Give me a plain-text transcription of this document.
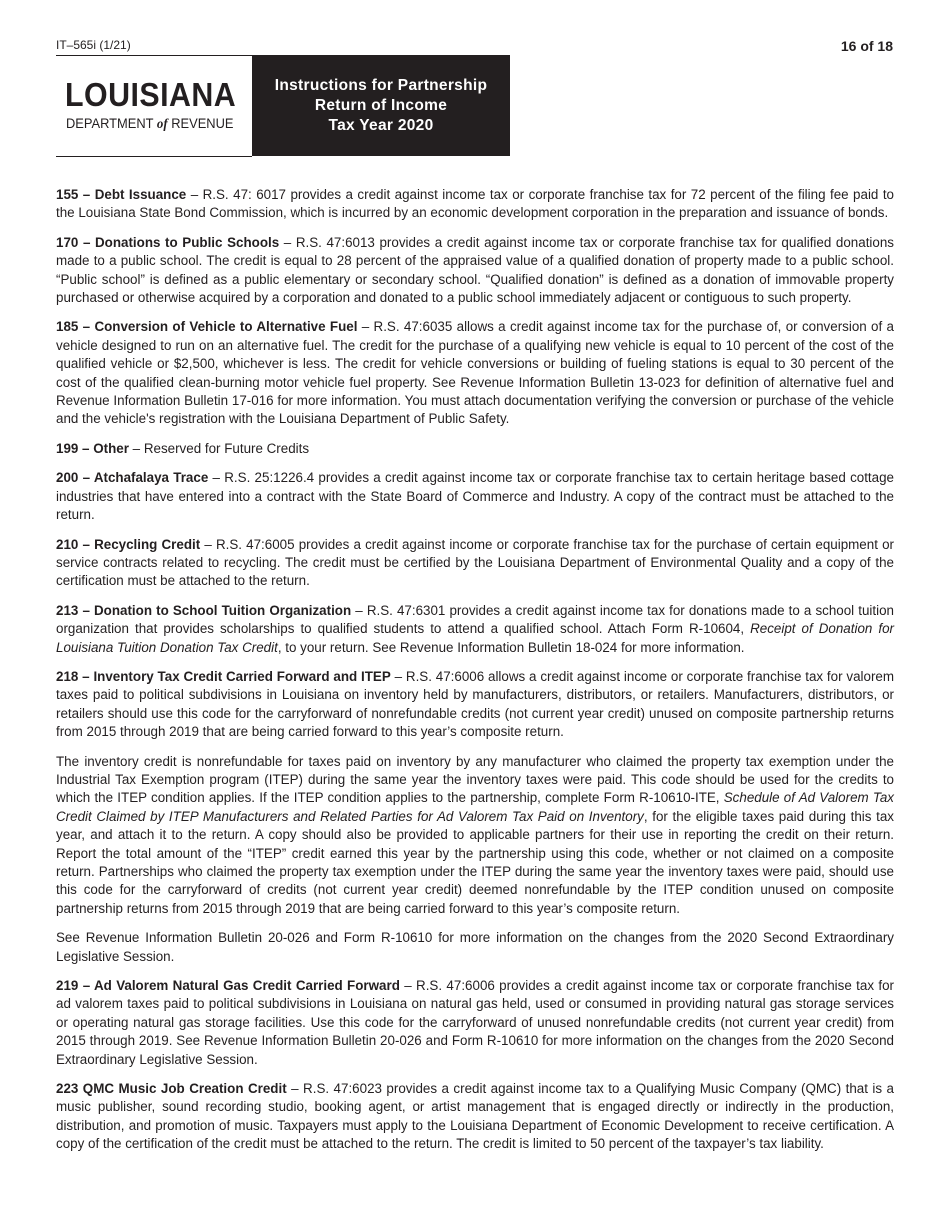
IT–565i (1/21)	16 of 18
LOUISIANA
DEPARTMENT of REVENUE
Instructions for Partnership
Return of Income
Tax Year 2020

155 – Debt Issuance – R.S. 47: 6017 provides a credit against income tax or corporate franchise tax for 72 percent of the filing fee paid to the Louisiana State Bond Commission, which is incurred by an economic development corporation in the preparation and issuance of bonds.

170 – Donations to Public Schools – R.S. 47:6013 provides a credit against income tax or corporate franchise tax for qualified donations made to a public school. The credit is equal to 28 percent of the appraised value of a qualified donation of property made to a public school. “Public school” is defined as a public elementary or secondary school. “Qualified donation” is defined as a donation of immovable property purchased or otherwise acquired by a corporation and donated to a public school immediately adjacent or contiguous to such property.

185 – Conversion of Vehicle to Alternative Fuel – R.S. 47:6035 allows a credit against income tax for the purchase of, or conversion of a vehicle designed to run on an alternative fuel. The credit for the purchase of a qualifying new vehicle is equal to 10 percent of the cost of the qualified vehicle or $2,500, whichever is less. The credit for vehicle conversions or building of fueling stations is equal to 30 percent of the cost of the qualified clean-burning motor vehicle fuel property. See Revenue Information Bulletin 13-023 for definition of alternative fuel and Revenue Information Bulletin 17-016 for more information. You must attach documentation verifying the conversion or purchase of the vehicle and the vehicle's registration with the Louisiana Department of Public Safety.

199 – Other – Reserved for Future Credits

200 – Atchafalaya Trace – R.S. 25:1226.4 provides a credit against income tax or corporate franchise tax to certain heritage based cottage industries that have entered into a contract with the State Board of Commerce and Industry. A copy of the contract must be attached to the return.

210 – Recycling Credit – R.S. 47:6005 provides a credit against income or corporate franchise tax for the purchase of certain equipment or service contracts related to recycling. The credit must be certified by the Louisiana Department of Environmental Quality and a copy of the certification must be attached to the return.

213 – Donation to School Tuition Organization – R.S. 47:6301 provides a credit against income tax for donations made to a school tuition organization that provides scholarships to qualified students to attend a qualified school. Attach Form R-10604, Receipt of Donation for Louisiana Tuition Donation Tax Credit, to your return. See Revenue Information Bulletin 18-024 for more information.

218 – Inventory Tax Credit Carried Forward and ITEP – R.S. 47:6006 allows a credit against income or corporate franchise tax for valorem taxes paid to political subdivisions in Louisiana on inventory held by manufacturers, distributors, or retailers. Manufacturers, distributors, or retailers should use this code for the carryforward of nonrefundable credits (not current year credit) unused on composite partnership returns from 2015 through 2019 that are being carried forward to this year’s composite return.

The inventory credit is nonrefundable for taxes paid on inventory by any manufacturer who claimed the property tax exemption under the Industrial Tax Exemption program (ITEP) during the same year the inventory taxes were paid. This code should be used for the credits to which the ITEP condition applies. If the ITEP condition applies to the partnership, complete Form R-10610-ITE, Schedule of Ad Valorem Tax Credit Claimed by ITEP Manufacturers and Related Parties for Ad Valorem Tax Paid on Inventory, for the eligible taxes paid during this tax year, and attach it to the return. A copy should also be provided to applicable partners for their use in reporting the credit on their return. Report the total amount of the “ITEP” credit earned this year by the partnership using this code, whether or not claimed on a composite return. Partnerships who claimed the property tax exemption under the ITEP during the same year the inventory taxes were paid, should use this code for the carryforward of credits (not current year credit) deemed nonrefundable by the ITEP condition unused on composite partnership returns from 2015 through 2019 that are being carried forward to this year’s composite return.

See Revenue Information Bulletin 20-026 and Form R-10610 for more information on the changes from the 2020 Second Extraordinary Legislative Session.

219 – Ad Valorem Natural Gas Credit Carried Forward – R.S. 47:6006 provides a credit against income tax or corporate franchise tax for ad valorem taxes paid to political subdivisions in Louisiana on natural gas held, used or consumed in providing natural gas storage services or operating natural gas storage facilities. Use this code for the carryforward of unused nonrefundable credits (not current year credit) from 2015 through 2019. See Revenue Information Bulletin 20-026 and Form R-10610 for more information on the changes from the 2020 Second Extraordinary Legislative Session.

223 QMC Music Job Creation Credit – R.S. 47:6023 provides a credit against income tax to a Qualifying Music Company (QMC) that is a music publisher, sound recording studio, booking agent, or artist management that is engaged directly or indirectly in the production, distribution, and promotion of music. Taxpayers must apply to the Louisiana Department of Economic Development to receive certification. A copy of the certification of the credit must be attached to the return. The credit is limited to 50 percent of the taxpayer’s tax liability.
